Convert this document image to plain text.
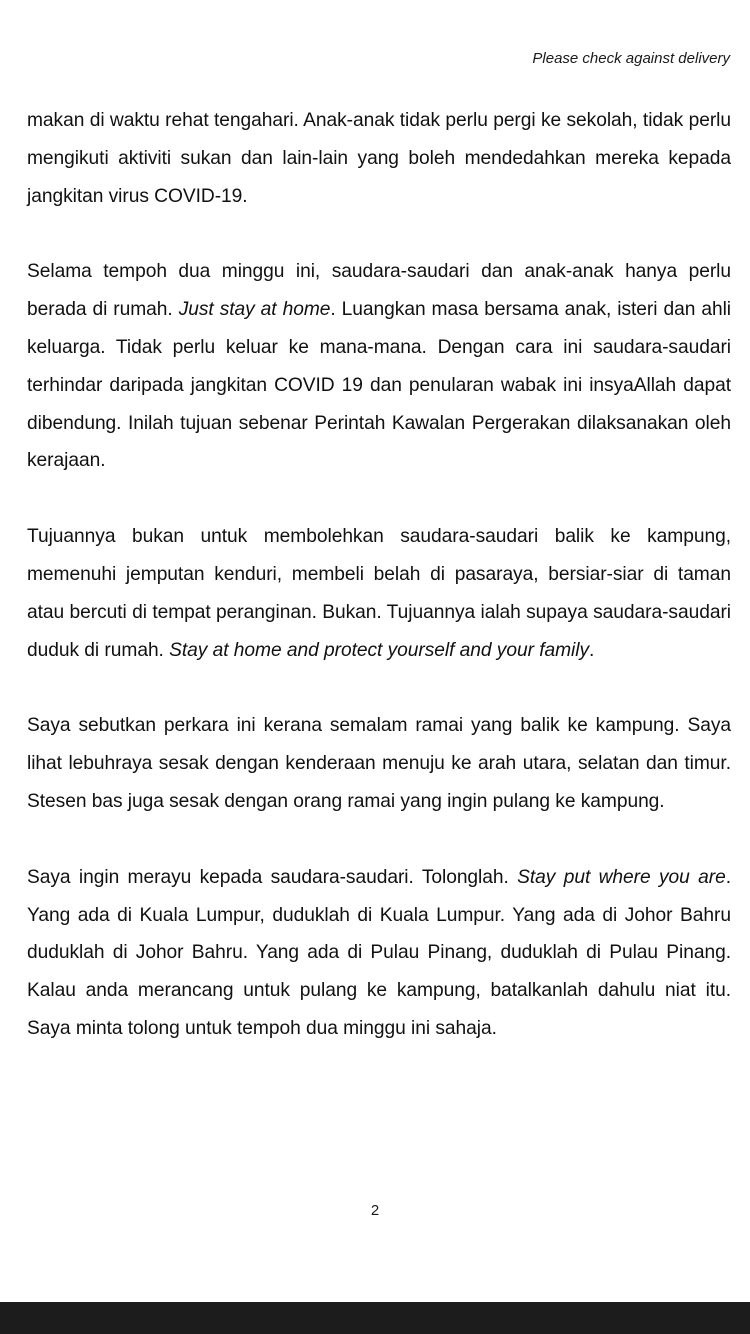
Please check against delivery

makan di waktu rehat tengahari. Anak-anak tidak perlu pergi ke sekolah, tidak perlu mengikuti aktiviti sukan dan lain-lain yang boleh mendedahkan mereka kepada jangkitan virus COVID-19.

Selama tempoh dua minggu ini, saudara-saudari dan anak-anak hanya perlu berada di rumah. Just stay at home. Luangkan masa bersama anak, isteri dan ahli keluarga. Tidak perlu keluar ke mana-mana. Dengan cara ini saudara-saudari terhindar daripada jangkitan COVID 19 dan penularan wabak ini insyaAllah dapat dibendung. Inilah tujuan sebenar Perintah Kawalan Pergerakan dilaksanakan oleh kerajaan.

Tujuannya bukan untuk membolehkan saudara-saudari balik ke kampung, memenuhi jemputan kenduri, membeli belah di pasaraya, bersiar-siar di taman atau bercuti di tempat peranginan. Bukan. Tujuannya ialah supaya saudara-saudari duduk di rumah. Stay at home and protect yourself and your family.

Saya sebutkan perkara ini kerana semalam ramai yang balik ke kampung. Saya lihat lebuhraya sesak dengan kenderaan menuju ke arah utara, selatan dan timur. Stesen bas juga sesak dengan orang ramai yang ingin pulang ke kampung.

Saya ingin merayu kepada saudara-saudari. Tolonglah. Stay put where you are. Yang ada di Kuala Lumpur, duduklah di Kuala Lumpur. Yang ada di Johor Bahru duduklah di Johor Bahru. Yang ada di Pulau Pinang, duduklah di Pulau Pinang. Kalau anda merancang untuk pulang ke kampung, batalkanlah dahulu niat itu. Saya minta tolong untuk tempoh dua minggu ini sahaja.

2
